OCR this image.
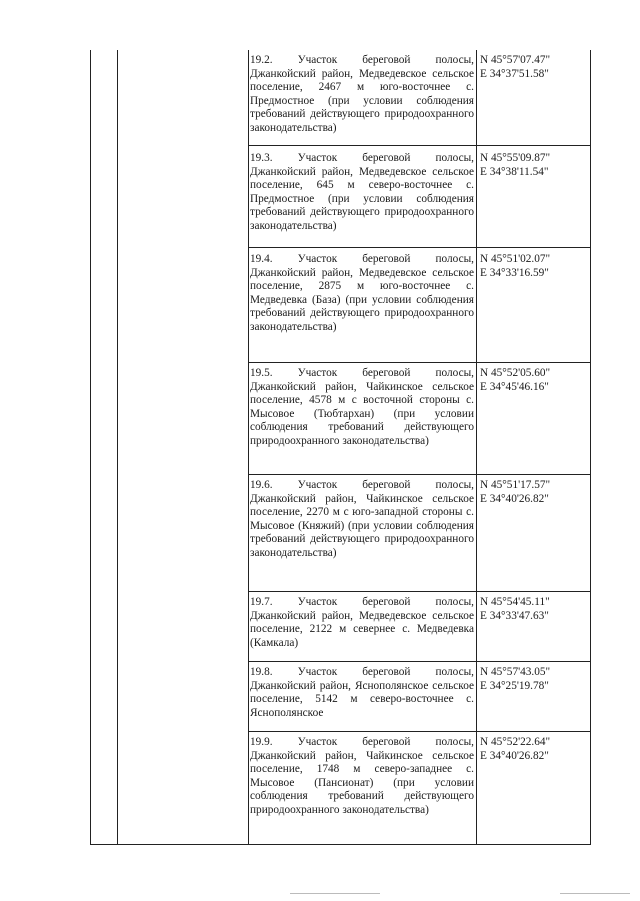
19.2. Участок береговой полосы, Джанкойский район, Медведевское сельское поселение, 2467 м юго-восточнее с. Предмостное (при условии соблюдения требований действующего природоохранного законодательства)
N 45°57'07.47"
E 34°37'51.58"
19.3. Участок береговой полосы, Джанкойский район, Медведевское сельское поселение, 645 м северо-восточнее с. Предмостное (при условии соблюдения требований действующего природоохранного законодательства)
N 45°55'09.87"
E 34°38'11.54"
19.4. Участок береговой полосы, Джанкойский район, Медведевское сельское поселение, 2875 м юго-восточнее с. Медведевка (База) (при условии соблюдения требований действующего природоохранного законодательства)
N 45°51'02.07"
E 34°33'16.59"
19.5. Участок береговой полосы, Джанкойский район, Чайкинское сельское поселение, 4578 м с восточной стороны с. Мысовое (Тюбтархан) (при условии соблюдения требований действующего природоохранного законодательства)
N 45°52'05.60"
E 34°45'46.16"
19.6. Участок береговой полосы, Джанкойский район, Чайкинское сельское поселение, 2270 м с юго-западной стороны с. Мысовое (Княжий) (при условии соблюдения требований действующего природоохранного законодательства)
N 45°51'17.57"
E 34°40'26.82"
19.7. Участок береговой полосы, Джанкойский район, Медведевское сельское поселение, 2122 м севернее с. Медведевка (Камкала)
N 45°54'45.11"
E 34°33'47.63"
19.8. Участок береговой полосы, Джанкойский район, Яснополянское сельское поселение, 5142 м северо-восточнее с. Яснополянское
N 45°57'43.05"
E 34°25'19.78"
19.9. Участок береговой полосы, Джанкойский район, Чайкинское сельское поселение, 1748 м северо-западнее с. Мысовое (Пансионат) (при условии соблюдения требований действующего природоохранного законодательства)
N 45°52'22.64"
E 34°40'26.82"
